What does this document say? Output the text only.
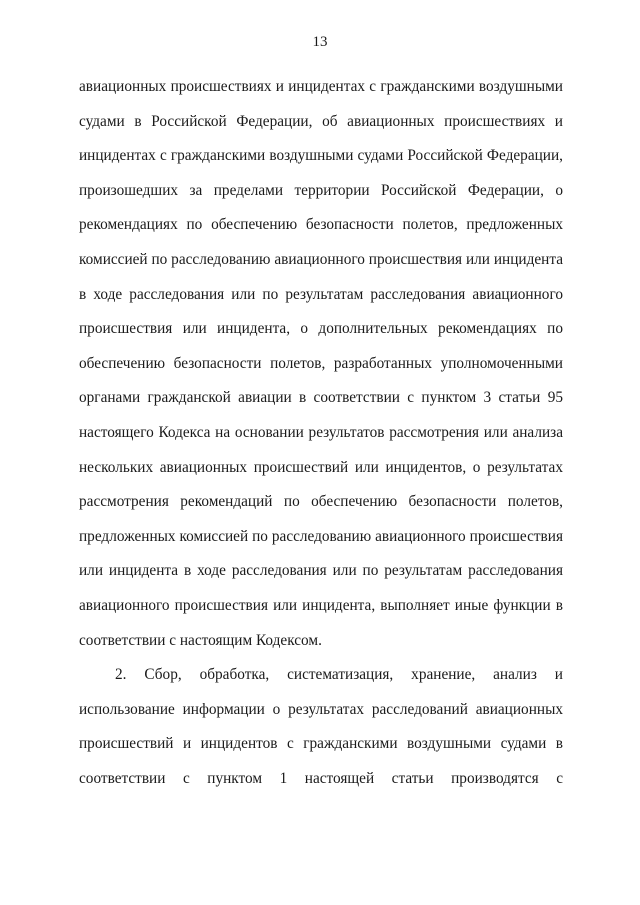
13
авиационных происшествиях и инцидентах с гражданскими воздушными
судами в Российской Федерации, об авиационных происшествиях и
инцидентах с гражданскими воздушными судами Российской Федерации,
произошедших за пределами территории Российской Федерации, о
рекомендациях по обеспечению безопасности полетов, предложенных
комиссией по расследованию авиационного происшествия или инцидента
в ходе расследования или по результатам расследования авиационного
происшествия или инцидента, о дополнительных рекомендациях по
обеспечению безопасности полетов, разработанных уполномоченными
органами гражданской авиации в соответствии с пунктом 3 статьи 95
настоящего Кодекса на основании результатов рассмотрения или анализа
нескольких авиационных происшествий или инцидентов, о результатах
рассмотрения рекомендаций по обеспечению безопасности полетов,
предложенных комиссией по расследованию авиационного происшествия
или инцидента в ходе расследования или по результатам расследования
авиационного происшествия или инцидента, выполняет иные функции в
соответствии с настоящим Кодексом.
2. Сбор, обработка, систематизация, хранение, анализ и
использование информации о результатах расследований авиационных
происшествий и инцидентов с гражданскими воздушными судами в
соответствии с пунктом 1 настоящей статьи производятся с
